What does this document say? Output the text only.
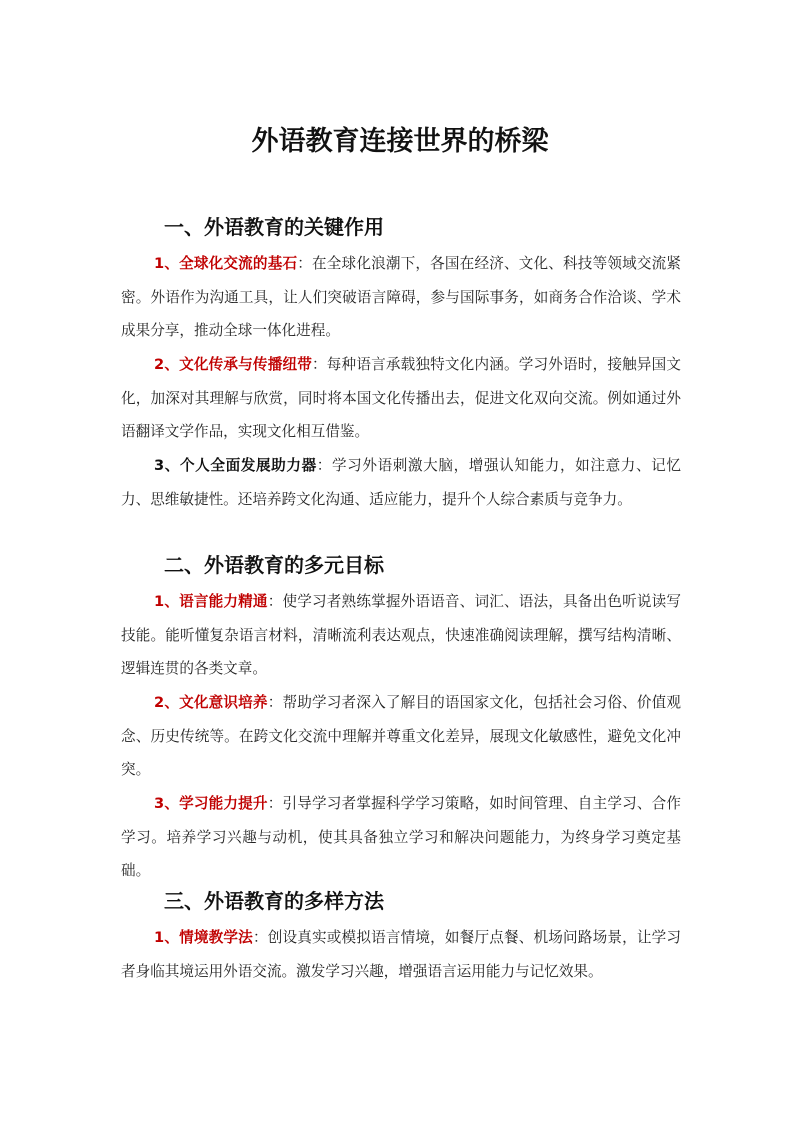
外语教育连接世界的桥梁
一、外语教育的关键作用

1、全球化交流的基石：在全球化浪潮下，各国在经济、文化、科技等领域交流紧密。外语作为沟通工具，让人们突破语言障碍，参与国际事务，如商务合作洽谈、学术成果分享，推动全球一体化进程。

2、文化传承与传播纽带：每种语言承载独特文化内涵。学习外语时，接触异国文化，加深对其理解与欣赏，同时将本国文化传播出去，促进文化双向交流。例如通过外语翻译文学作品，实现文化相互借鉴。

3、个人全面发展助力器：学习外语刺激大脑，增强认知能力，如注意力、记忆力、思维敏捷性。还培养跨文化沟通、适应能力，提升个人综合素质与竞争力。

二、外语教育的多元目标

1、语言能力精通：使学习者熟练掌握外语语音、词汇、语法，具备出色听说读写技能。能听懂复杂语言材料，清晰流利表达观点，快速准确阅读理解，撰写结构清晰、逻辑连贯的各类文章。

2、文化意识培养：帮助学习者深入了解目的语国家文化，包括社会习俗、价值观念、历史传统等。在跨文化交流中理解并尊重文化差异，展现文化敏感性，避免文化冲突。

3、学习能力提升：引导学习者掌握科学学习策略，如时间管理、自主学习、合作学习。培养学习兴趣与动机，使其具备独立学习和解决问题能力，为终身学习奠定基础。

三、外语教育的多样方法

1、情境教学法：创设真实或模拟语言情境，如餐厅点餐、机场问路场景，让学习者身临其境运用外语交流。激发学习兴趣，增强语言运用能力与记忆效果。
